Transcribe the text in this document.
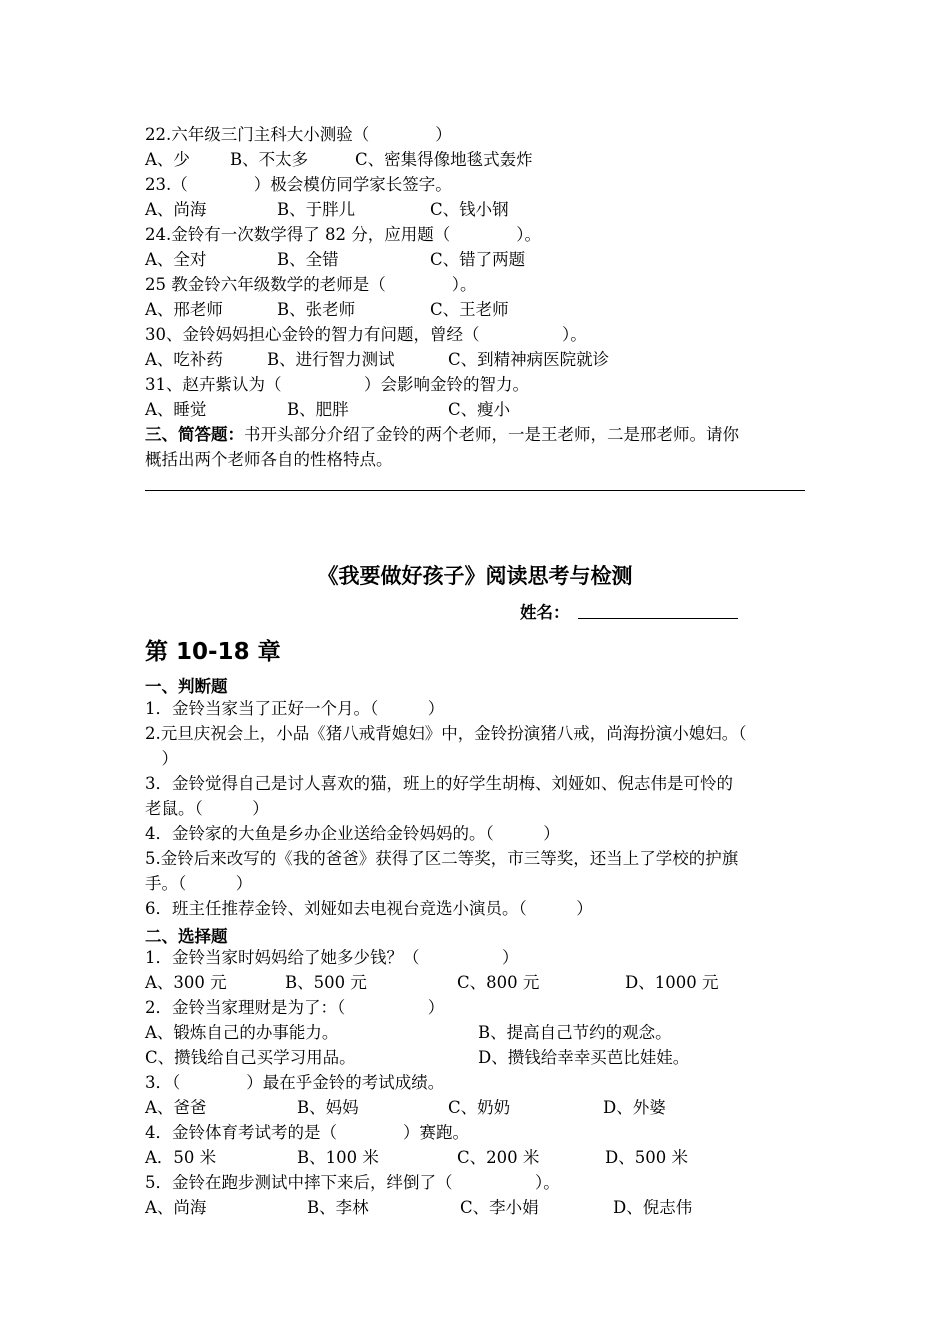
22.六年级三门主科大小测验（　　　　）
A、少 B、不太多	C、密集得像地毯式轰炸
23.（　　　　）极会模仿同学家长签字。
A、尚海	B、于胖儿	C、钱小钢
24.金铃有一次数学得了 82 分，应用题（　　　　）。
A、全对	B、全错	C、错了两题
25 教金铃六年级数学的老师是（　　　　）。
A、邢老师	B、张老师	C、王老师
30、金铃妈妈担心金铃的智力有问题，曾经（　　　　　）。
A、吃补药	B、进行智力测试	C、到精神病医院就诊
31、赵卉紫认为（　　　　　）会影响金铃的智力。
A、睡觉	B、肥胖	C、瘦小
三、简答题：书开头部分介绍了金铃的两个老师，一是王老师，二是邢老师。请你
概括出两个老师各自的性格特点。
《我要做好孩子》阅读思考与检测
姓名：
第 10-18 章
一、判断题
1．金铃当家当了正好一个月。（　　　）
2.元旦庆祝会上，小品《猪八戒背媳妇》中，金铃扮演猪八戒，尚海扮演小媳妇。（
　）
3．金铃觉得自己是讨人喜欢的猫，班上的好学生胡梅、刘娅如、倪志伟是可怜的
老鼠。（　　　）
4．金铃家的大鱼是乡办企业送给金铃妈妈的。（　　　）
5.金铃后来改写的《我的爸爸》获得了区二等奖，市三等奖，还当上了学校的护旗
手。（　　　）
6．班主任推荐金铃、刘娅如去电视台竞选小演员。（　　　）
二、选择题
1．金铃当家时妈妈给了她多少钱？（　　　　　）
A、300 元	B、500 元	C、800 元	D、1000 元
2．金铃当家理财是为了：（　　　　　）
A、锻炼自己的办事能力。	B、提高自己节约的观念。
C、攒钱给自己买学习用品。	D、攒钱给幸幸买芭比娃娃。
3．（　　　　）最在乎金铃的考试成绩。
A、爸爸	B、妈妈	C、奶奶	D、外婆
4．金铃体育考试考的是（　　　　）赛跑。
A．50 米	B、100 米	C、200 米	D、500 米
5．金铃在跑步测试中摔下来后，绊倒了（　　　　　）。
A、尚海	B、李林	C、李小娟	D、倪志伟
